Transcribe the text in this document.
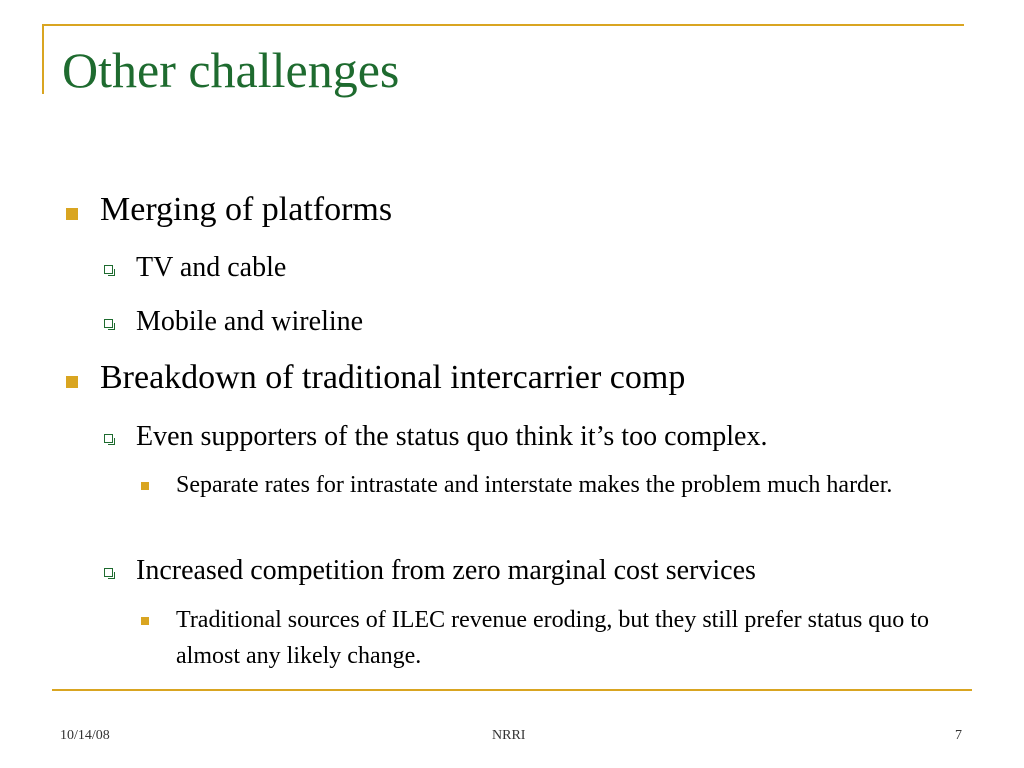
Other challenges
Merging of platforms
TV and cable
Mobile and wireline
Breakdown of traditional intercarrier comp
Even supporters of the status quo think it’s too complex.
Separate rates for intrastate and interstate makes the problem much harder.
Increased competition from zero marginal cost services
Traditional sources of ILEC revenue eroding, but they still prefer status quo to almost any likely change.
10/14/08	NRRI	7
